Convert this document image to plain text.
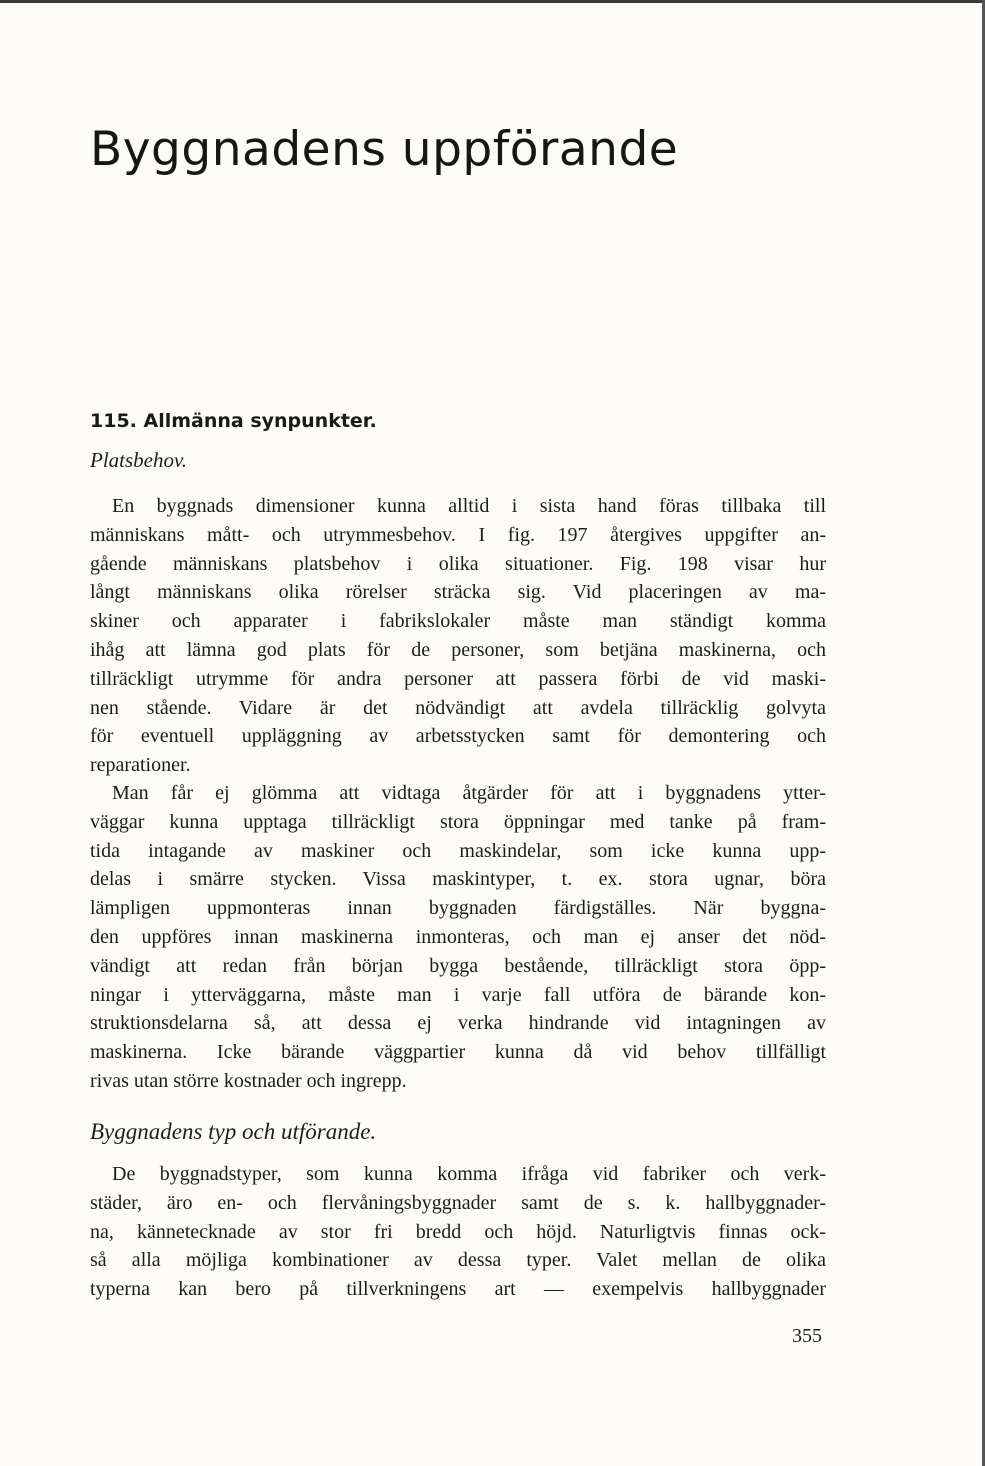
Byggnadens uppförande
115. Allmänna synpunkter.
Platsbehov.
En byggnads dimensioner kunna alltid i sista hand föras tillbaka till
människans mått- och utrymmesbehov. I fig. 197 återgives uppgifter an-
gående människans platsbehov i olika situationer. Fig. 198 visar hur
långt människans olika rörelser sträcka sig. Vid placeringen av ma-
skiner och apparater i fabrikslokaler måste man ständigt komma
ihåg att lämna god plats för de personer, som betjäna maskinerna, och
tillräckligt utrymme för andra personer att passera förbi de vid maski-
nen stående. Vidare är det nödvändigt att avdela tillräcklig golvyta
för eventuell uppläggning av arbetsstycken samt för demontering och
reparationer.
Man får ej glömma att vidtaga åtgärder för att i byggnadens ytter-
väggar kunna upptaga tillräckligt stora öppningar med tanke på fram-
tida intagande av maskiner och maskindelar, som icke kunna upp-
delas i smärre stycken. Vissa maskintyper, t. ex. stora ugnar, böra
lämpligen uppmonteras innan byggnaden färdigställes. När byggna-
den uppföres innan maskinerna inmonteras, och man ej anser det nöd-
vändigt att redan från början bygga bestående, tillräckligt stora öpp-
ningar i ytterväggarna, måste man i varje fall utföra de bärande kon-
struktionsdelarna så, att dessa ej verka hindrande vid intagningen av
maskinerna. Icke bärande väggpartier kunna då vid behov tillfälligt
rivas utan större kostnader och ingrepp.
Byggnadens typ och utförande.
De byggnadstyper, som kunna komma ifråga vid fabriker och verk-
städer, äro en- och flervåningsbyggnader samt de s. k. hallbyggnader-
na, kännetecknade av stor fri bredd och höjd. Naturligtvis finnas ock-
så alla möjliga kombinationer av dessa typer. Valet mellan de olika
typerna kan bero på tillverkningens art — exempelvis hallbyggnader
355
